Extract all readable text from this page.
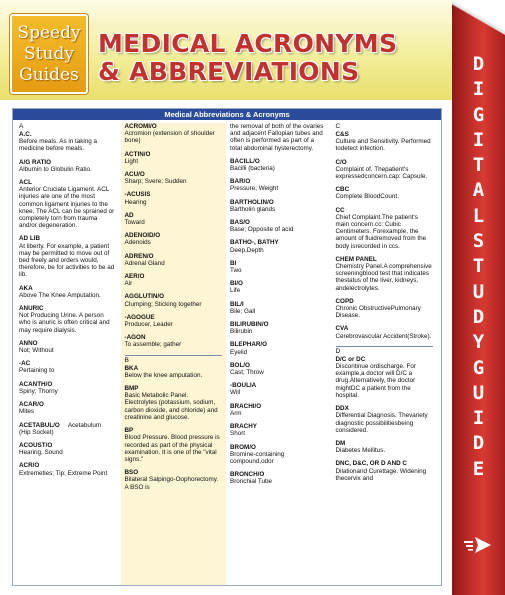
Speedy
Study
Guides
MEDICAL ACRONYMS
& ABBREVIATIONS
Medical Abbreviations & Acronyms
A
A.C.
Before meals. As in taking a medicine before meals.
A/G RATIO
Albumin to Globulin Ratio.
ACL
Anterior Cruciate Ligament. ACL injuries are one of the most common ligament injuries to the knee. The ACL can be sprained or completely torn from trauma and/or degeneration.
AD LIB
At liberty. For example, a patient may be permitted to move out of bed freely and orders would, therefore, be for activities to be ad lib.
AKA
Above The Knee Amputation.
ANURIC
Not Producing Urine. A person who is anuric is often critical and may require dialysis.
ANNO
Not; Without
-AC
Pertaining to
ACANTH/O
Spiny; Thorny
ACAR/O
Mites
ACETABUL/O Acetabulum
(Hip Socket)
ACOUST/O
Hearing, Sound
ACR/O
Extremeties; Tip; Extreme Point
ACROMI/O
Acromion (extension of shoulder bone)
ACTIN/O
Light
ACU/O
Sharp; Svere; Sudden
-ACUSIS
Hearing
AD
Toward
ADENOID/O
Adenoids
ADREN/O
Adrenal Gland
AER/O
Air
AGGLUTIN/O
Clumping; Sticking together
-AGOGUE
Producer, Leader
-AGON
To assemble; gather
B
BKA
Below the knee amputation.
BMP
Basic Metabolic Panel. Electrolytes (potassium, sodium, carbon dioxide, and chloride) and creatinine and glucose.
BP
Blood Pressure. Blood pressure is recorded as part of the physical examination. It is one of the "vital signs."
BSO
Bilateral Salpingo-Oophorectomy. A BSO is
the removal of both of the ovaries and adjacent Fallopian tubes and often is performed as part of a total abdominal hysterectomy.
BACILL/O
Bacilli (bacteria)
BAR/O
Pressure; Weight
BARTHOLIN/O
Bartholin glands
BAS/O
Base; Opposite of acid
BATHO-, BATHY
Deep,Depth
BI
Two
BI/O
Life
BIL/I
Bile; Gall
BILIRUBIN/O
Bilirubin
BLEPHAR/O
Eyelid
BOL/O
Cast; Throw
-BOULIA
Will
BRACHI/O
Arm
BRACHY
Short
BROM/O
Bromine-containing compound,odor
BRONCH/O
Bronchial Tube
C
C&S
Culture and Sensitivity. Performed todetect infection.
C/O
Complaint of. Thepatient's expressedconcern.cap: Capsule.
CBC
Complete BloodCount.
CC
Chief Complaint.The patient's main concern.cc: Cubic Centimeters. Forexample, the amount of fluidremoved from the body isrecorded in ccs.
CHEM PANEL
Chemistry Panel.A comprehensive screeningblood test that indicates thestatus of the liver, kidneys, andelectrolytes.
COPD
Chronic ObstructivePulmonary Disease.
CVA
Cerebrovascular Accident(Stroke).
D
D/C or DC
Discontinue ordischarge. For example,a doctor will D/C a drug.Alternatively, the doctor mightDC a patient from the hospital.
DDX
Differential Diagnosis. Thevariety diagnostic possibilitiesbeing considered.
DM
Diabetes Mellitus.
DNC, D&C, OR D AND C
Dilationand Curettage. Widening thecervix and
D
I
G
I
T
A
L
S
T
U
D
Y
G
U
I
D
E
